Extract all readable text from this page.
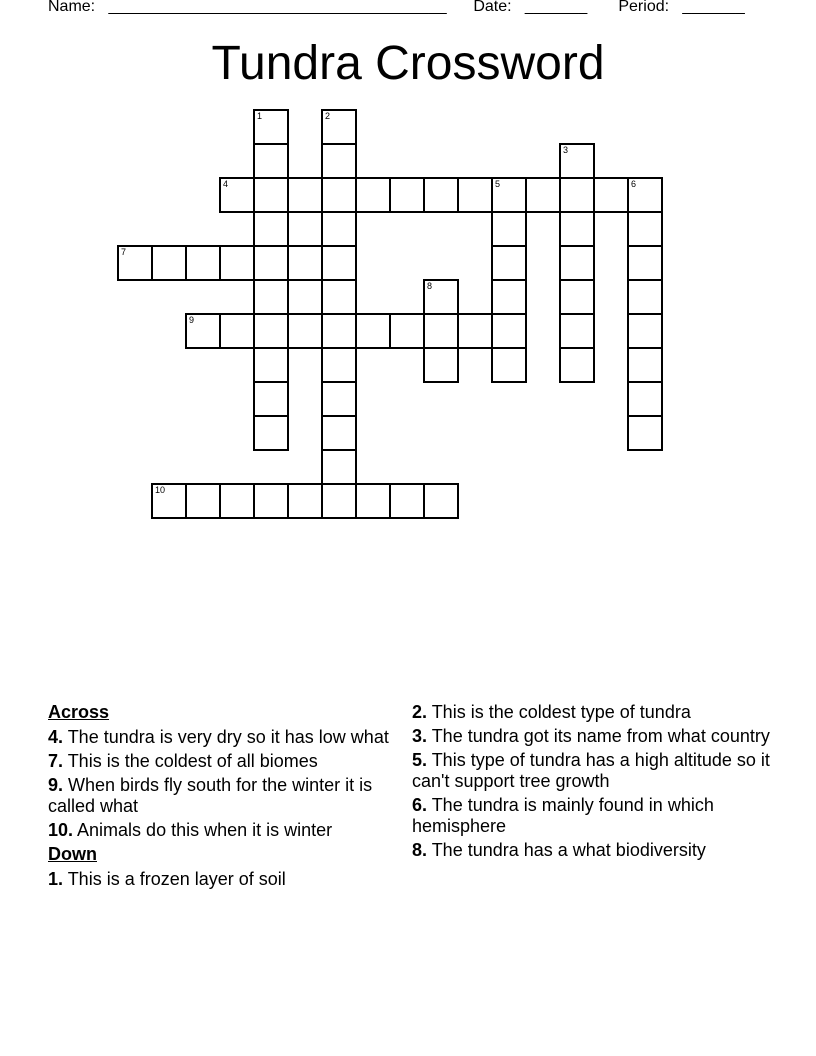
Name: ______________________________________ Date: _______ Period: _______
Tundra Crossword
1	2
3
4	5	6
7
8
9
10
Across
4. The tundra is very dry so it has low what
7. This is the coldest of all biomes
9. When birds fly south for the winter it is called what
10. Animals do this when it is winter
Down
1. This is a frozen layer of soil
2. This is the coldest type of tundra
3. The tundra got its name from what country
5. This type of tundra has a high altitude so it can't support tree growth
6. The tundra is mainly found in which hemisphere
8. The tundra has a what biodiversity
